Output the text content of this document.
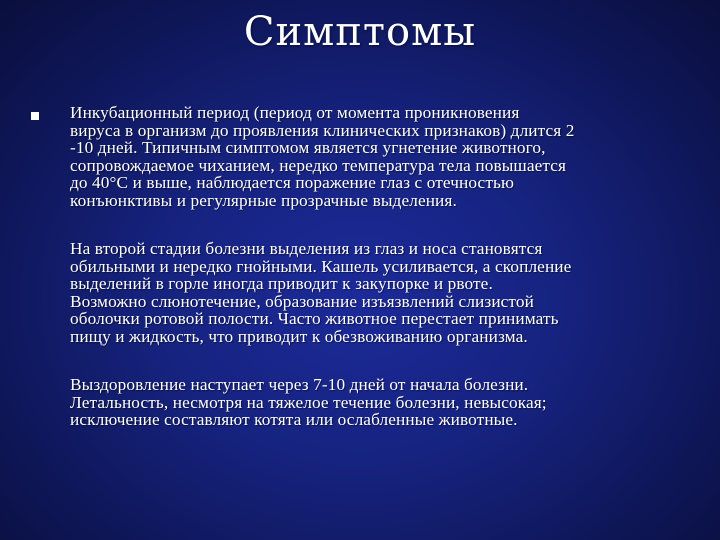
Симптомы
Инкубационный период (период от момента проникновения
вируса в организм до проявления клинических признаков) длится 2
-10 дней. Типичным симптомом является угнетение животного,
сопровождаемое чиханием, нередко температура тела повышается
до 40°С и выше, наблюдается поражение глаз с отечностью
конъюнктивы и регулярные прозрачные выделения.
На второй стадии болезни выделения из глаз и носа становятся
обильными и нередко гнойными. Кашель усиливается, а скопление
выделений в горле иногда приводит к закупорке и рвоте.
Возможно слюнотечение, образование изъязвлений слизистой
оболочки ротовой полости. Часто животное перестает принимать
пищу и жидкость, что приводит к обезвоживанию организма.
Выздоровление наступает через 7-10 дней от начала болезни.
Летальность, несмотря на тяжелое течение болезни, невысокая;
исключение составляют котята или ослабленные животные.
